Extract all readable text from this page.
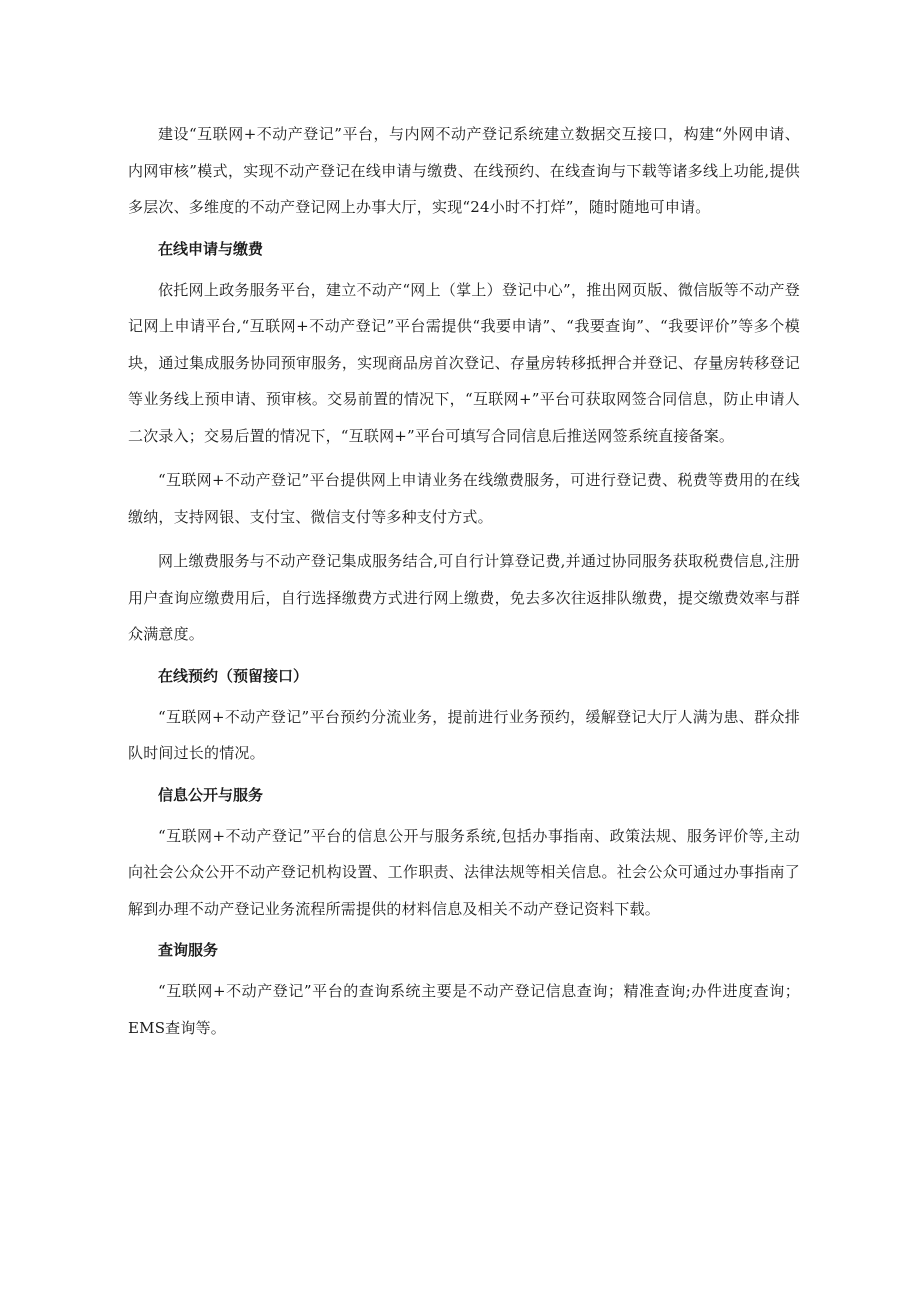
建设“互联网+不动产登记”平台，与内网不动产登记系统建立数据交互接口，构建“外网申请、内网审核”模式，实现不动产登记在线申请与缴费、在线预约、在线查询与下载等诸多线上功能,提供多层次、多维度的不动产登记网上办事大厅，实现“24小时不打烊”，随时随地可申请。

在线申请与缴费

依托网上政务服务平台，建立不动产“网上（掌上）登记中心”，推出网页版、微信版等不动产登记网上申请平台,“互联网+不动产登记”平台需提供“我要申请”、“我要查询”、“我要评价”等多个模块，通过集成服务协同预审服务，实现商品房首次登记、存量房转移抵押合并登记、存量房转移登记等业务线上预申请、预审核。交易前置的情况下，“互联网+”平台可获取网签合同信息，防止申请人二次录入；交易后置的情况下，“互联网+”平台可填写合同信息后推送网签系统直接备案。

“互联网+不动产登记”平台提供网上申请业务在线缴费服务，可进行登记费、税费等费用的在线缴纳，支持网银、支付宝、微信支付等多种支付方式。

网上缴费服务与不动产登记集成服务结合,可自行计算登记费,并通过协同服务获取税费信息,注册用户查询应缴费用后，自行选择缴费方式进行网上缴费，免去多次往返排队缴费，提交缴费效率与群众满意度。

在线预约（预留接口）

“互联网+不动产登记”平台预约分流业务，提前进行业务预约，缓解登记大厅人满为患、群众排队时间过长的情况。

信息公开与服务

“互联网+不动产登记”平台的信息公开与服务系统,包括办事指南、政策法规、服务评价等,主动向社会公众公开不动产登记机构设置、工作职责、法律法规等相关信息。社会公众可通过办事指南了解到办理不动产登记业务流程所需提供的材料信息及相关不动产登记资料下载。

查询服务

“互联网+不动产登记”平台的查询系统主要是不动产登记信息查询；精准查询;办件进度查询；EMS查询等。
